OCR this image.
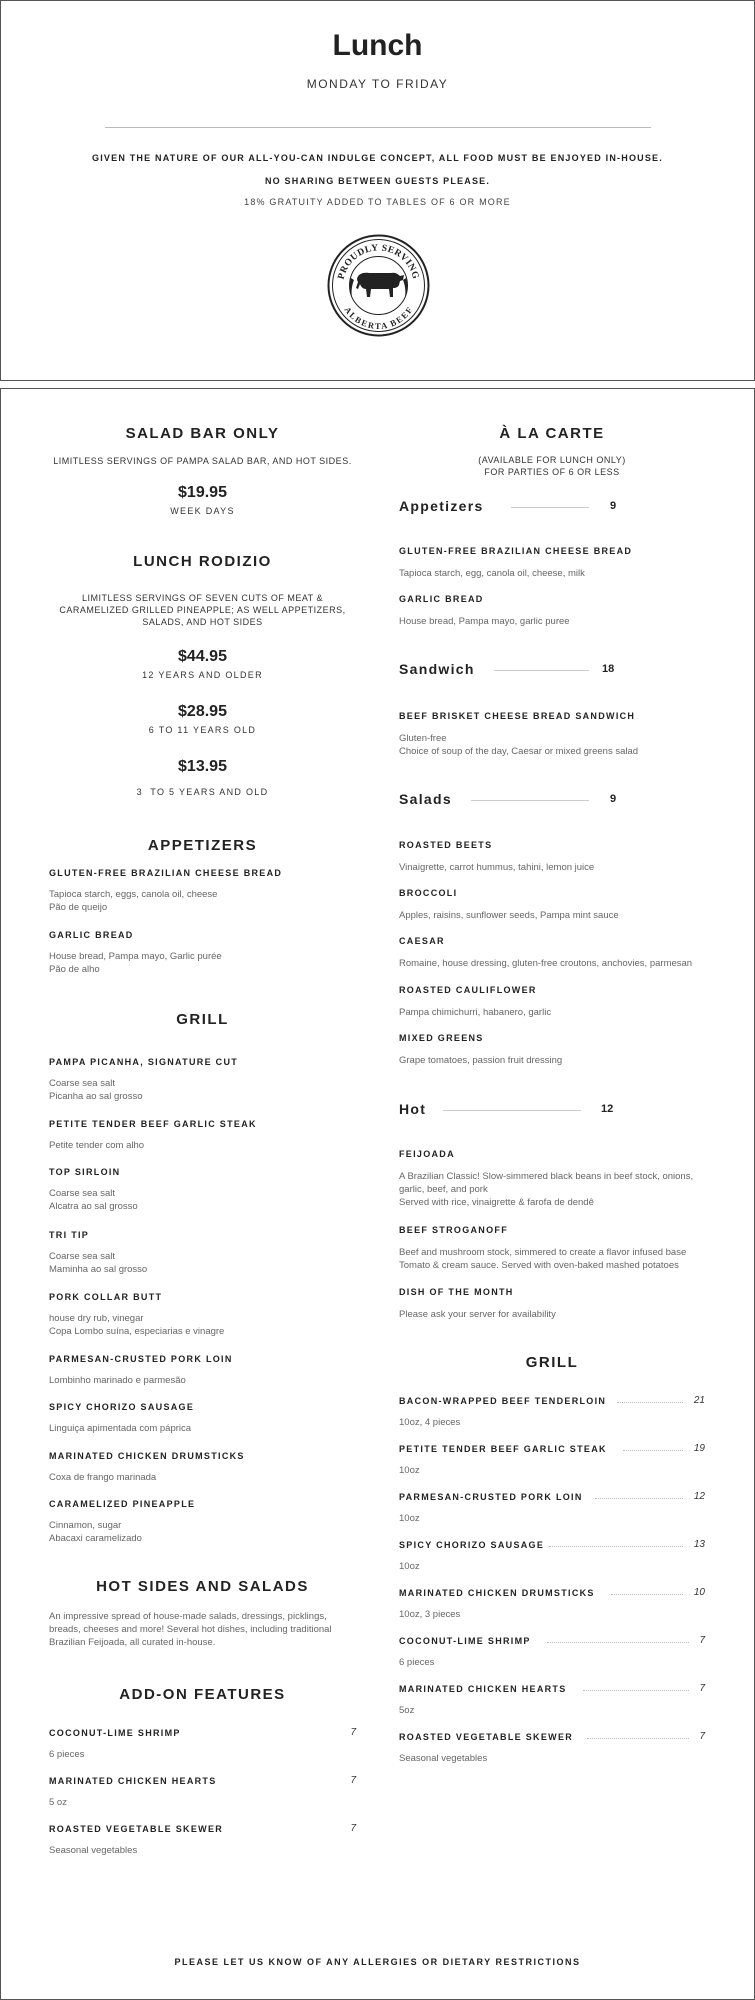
Lunch
MONDAY TO FRIDAY
GIVEN THE NATURE OF OUR ALL-YOU-CAN INDULGE CONCEPT, ALL FOOD MUST BE ENJOYED IN-HOUSE.
NO SHARING BETWEEN GUESTS PLEASE.
18% GRATUITY ADDED TO TABLES OF 6 OR MORE
PROUDLY SERVING
ALBERTA BEEF
SALAD BAR ONLY
LIMITLESS SERVINGS OF PAMPA SALAD BAR, AND HOT SIDES.
$19.95
WEEK DAYS
LUNCH RODIZIO
LIMITLESS SERVINGS OF SEVEN CUTS OF MEAT & CARAMELIZED GRILLED PINEAPPLE; AS WELL APPETIZERS, SALADS, AND HOT SIDES
$44.95
12 YEARS AND OLDER
$28.95
6 TO 11 YEARS OLD
$13.95
3  TO 5 YEARS AND OLD
APPETIZERS
GLUTEN-FREE BRAZILIAN CHEESE BREAD
Tapioca starch, eggs, canola oil, cheese
Pão de queijo
GARLIC BREAD
House bread, Pampa mayo, Garlic purée
Pão de alho
GRILL
PAMPA PICANHA, SIGNATURE CUT
Coarse sea salt
Picanha ao sal grosso
PETITE TENDER BEEF GARLIC STEAK
Petite tender com alho
TOP SIRLOIN
Coarse sea salt
Alcatra ao sal grosso
TRI TIP
Coarse sea salt
Maminha ao sal grosso
PORK COLLAR BUTT
house dry rub, vinegar
Copa Lombo suína, especiarias e vinagre
PARMESAN-CRUSTED PORK LOIN
Lombinho marinado e parmesão
SPICY CHORIZO SAUSAGE
Linguiça apimentada com páprica
MARINATED CHICKEN DRUMSTICKS
Coxa de frango marinada
CARAMELIZED PINEAPPLE
Cinnamon, sugar
Abacaxi caramelizado
HOT SIDES AND SALADS
An impressive spread of house-made salads, dressings, picklings, breads, cheeses and more! Several hot dishes, including traditional Brazilian Feijoada, all curated in-house.
ADD-ON FEATURES
COCONUT-LIME SHRIMP	7
6 pieces
MARINATED CHICKEN HEARTS	7
5 oz
ROASTED VEGETABLE SKEWER	7
Seasonal vegetables
À LA CARTE
(AVAILABLE FOR LUNCH ONLY)
FOR PARTIES OF 6 OR LESS
Appetizers	9
GLUTEN-FREE BRAZILIAN CHEESE BREAD
Tapioca starch, egg, canola oil, cheese, milk
GARLIC BREAD
House bread, Pampa mayo, garlic puree
Sandwich	18
BEEF BRISKET CHEESE BREAD SANDWICH
Gluten-free
Choice of soup of the day, Caesar or mixed greens salad
Salads	9
ROASTED BEETS
Vinaigrette, carrot hummus, tahini, lemon juice
BROCCOLI
Apples, raisins, sunflower seeds, Pampa mint sauce
CAESAR
Romaine, house dressing, gluten-free croutons, anchovies, parmesan
ROASTED CAULIFLOWER
Pampa chimichurri, habanero, garlic
MIXED GREENS
Grape tomatoes, passion fruit dressing
Hot	12
FEIJOADA
A Brazilian Classic! Slow-simmered black beans in beef stock, onions,
garlic, beef, and pork
Served with rice, vinaigrette & farofa de dendê
BEEF STROGANOFF
Beef and mushroom stock, simmered to create a flavor infused base
Tomato & cream sauce. Served with oven-baked mashed potatoes
DISH OF THE MONTH
Please ask your server for availability
GRILL
BACON-WRAPPED BEEF TENDERLOIN	21
10oz, 4 pieces
PETITE TENDER BEEF GARLIC STEAK	19
10oz
PARMESAN-CRUSTED PORK LOIN	12
10oz
SPICY CHORIZO SAUSAGE	13
10oz
MARINATED CHICKEN DRUMSTICKS	10
10oz, 3 pieces
COCONUT-LIME SHRIMP	7
6 pieces
MARINATED CHICKEN HEARTS	7
5oz
ROASTED VEGETABLE SKEWER	7
Seasonal vegetables
PLEASE LET US KNOW OF ANY ALLERGIES OR DIETARY RESTRICTIONS
